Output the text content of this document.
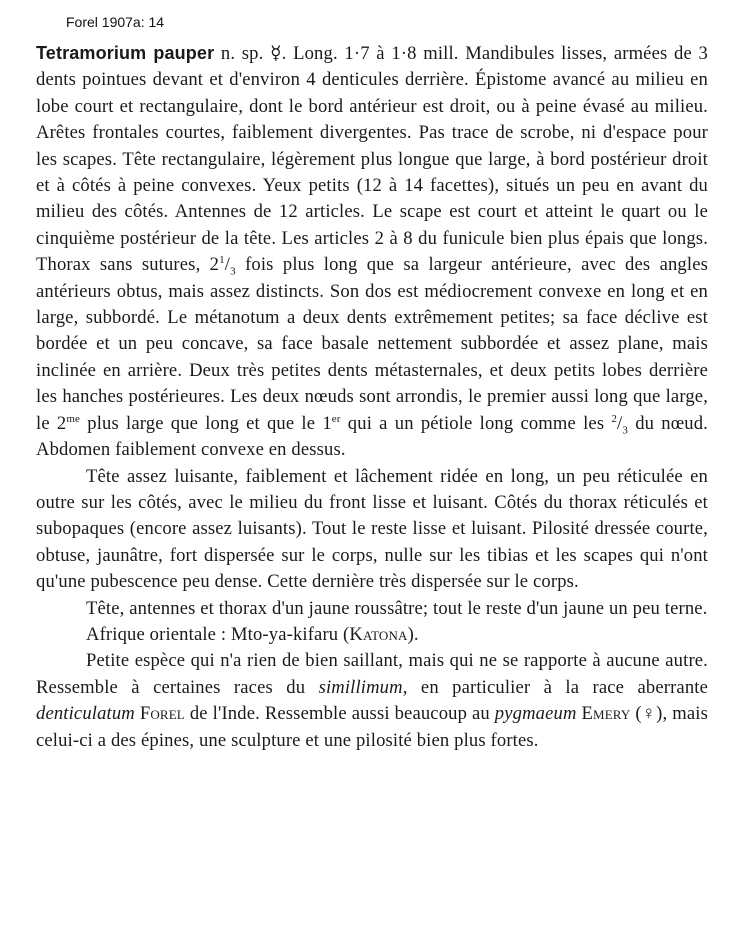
Forel 1907a: 14

Tetramorium pauper n. sp. ☿. Long. 1·7 à 1·8 mill. Mandibules lisses, armées de 3 dents pointues devant et d'environ 4 denticules derrière. Épistome avancé au milieu en lobe court et rectangulaire, dont le bord antérieur est droit, ou à peine évasé au milieu. Arêtes frontales courtes, faiblement divergentes. Pas trace de scrobe, ni d'espace pour les scapes. Tête rectangulaire, légèrement plus longue que large, à bord postérieur droit et à côtés à peine convexes. Yeux petits (12 à 14 facettes), situés un peu en avant du milieu des côtés. Antennes de 12 articles. Le scape est court et atteint le quart ou le cinquième postérieur de la tête. Les articles 2 à 8 du funicule bien plus épais que longs. Thorax sans sutures, $2^1/_3$ fois plus long que sa largeur antérieure, avec des angles antérieurs obtus, mais assez distincts. Son dos est médiocrement convexe en long et en large, subbordé. Le métanotum a deux dents extrêmement petites; sa face déclive est bordée et un peu concave, sa face basale nettement subbordée et assez plane, mais inclinée en arrière. Deux très petites dents métasternales, et deux petits lobes derrière les hanches postérieures. Les deux nœuds sont arrondis, le premier aussi long que large, le $2^{me}$ plus large que long et que le 1er qui a un pétiole long comme les $^2/_3$ du nœud. Abdomen faiblement convexe en dessus.

Tête assez luisante, faiblement et lâchement ridée en long, un peu réticulée en outre sur les côtés, avec le milieu du front lisse et luisant. Côtés du thorax réticulés et subopaques (encore assez luisants). Tout le reste lisse et luisant. Pilosité dressée courte, obtuse, jaunâtre, fort dispersée sur le corps, nulle sur les tibias et les scapes qui n'ont qu'une pubescence peu dense. Cette dernière très dispersée sur le corps.

Tête, antennes et thorax d'un jaune roussâtre; tout le reste d'un jaune un peu terne.

Afrique orientale : Mto-ya-kifaru (Katona).

Petite espèce qui n'a rien de bien saillant, mais qui ne se rapporte à aucune autre. Ressemble à certaines races du simillimum, en particulier à la race aberrante denticulatum Forel de l'Inde. Ressemble aussi beaucoup au pygmaeum Emery (♀), mais celui-ci a des épines, une sculpture et une pilosité bien plus fortes.
